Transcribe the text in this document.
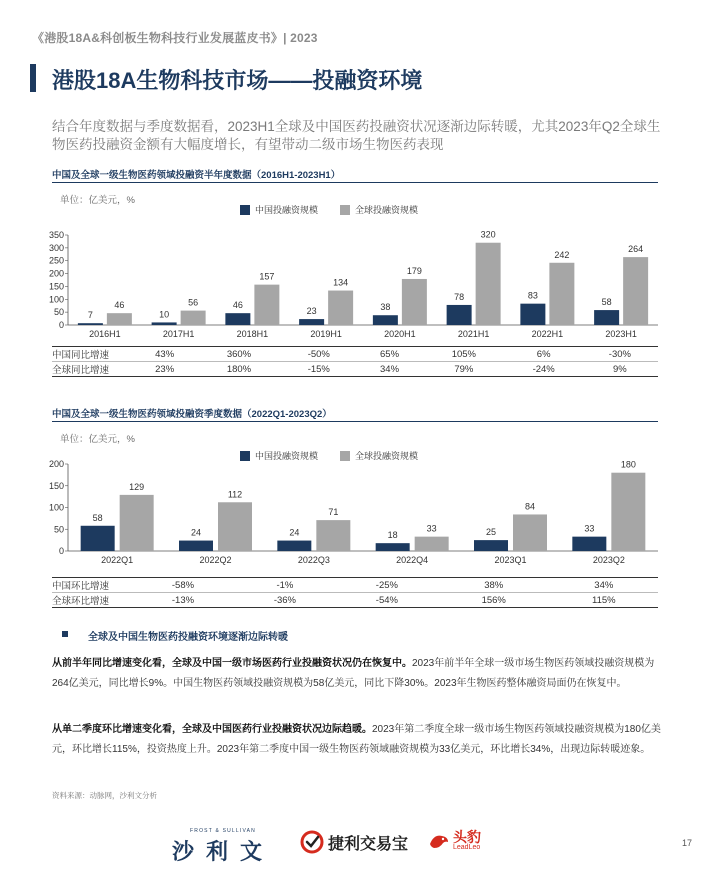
《港股18A&科创板生物科技行业发展蓝皮书》| 2023
港股18A生物科技市场——投融资环境
结合年度数据与季度数据看，2023H1全球及中国医药投融资状况逐渐边际转暖，尤其2023年Q2全球生物医药投融资金额有大幅度增长，有望带动二级市场生物医药表现
中国及全球一级生物医药领域投融资半年度数据（2016H1-2023H1）
单位：亿美元，%
中国投融资规模	全球投融资规模
0
50
100
150
200
250
300
350
7
46
2016H1
10
56
2017H1
46
157
2018H1
23
134
2019H1
38
179
2020H1
78
320
2021H1
83
242
2022H1
58
264
2023H1
中国同比增速		43%	360%	-50%	65%	105%	6%	-30%
全球同比增速		23%	180%	-15%	34%	79%	-24%	9%
中国及全球一级生物医药领域投融资季度数据（2022Q1-2023Q2）
单位：亿美元，%
中国投融资规模	全球投融资规模
0
50
100
150
200
58
129
2022Q1
24
112
2022Q2
24
71
2022Q3
18
33
2022Q4
25
84
2023Q1
33
180
2023Q2
中国环比增速		-58%	-1%	-25%	38%	34%
全球环比增速		-13%	-36%	-54%	156%	115%
全球及中国生物医药投融资环境逐渐边际转暖
从前半年同比增速变化看，全球及中国一级市场医药行业投融资状况仍在恢复中。2023年前半年全球一级市场生物医药领域投融资规模为264亿美元，同比增长9%。中国生物医药领域投融资规模为58亿美元，同比下降30%。2023年生物医药整体融资局面仍在恢复中。
从单二季度环比增速变化看，全球及中国医药行业投融资状况边际趋暖。2023年第二季度全球一级市场生物医药领域投融资规模为180亿美元，环比增长115%，投资热度上升。2023年第二季度中国一级生物医药领域融资规模为33亿美元，环比增长34%，出现边际转暖迹象。
资料来源：动脉网，沙利文分析
FROST & SULLIVAN
沙利文	捷利交易宝	头豹
LeadLeo	17
